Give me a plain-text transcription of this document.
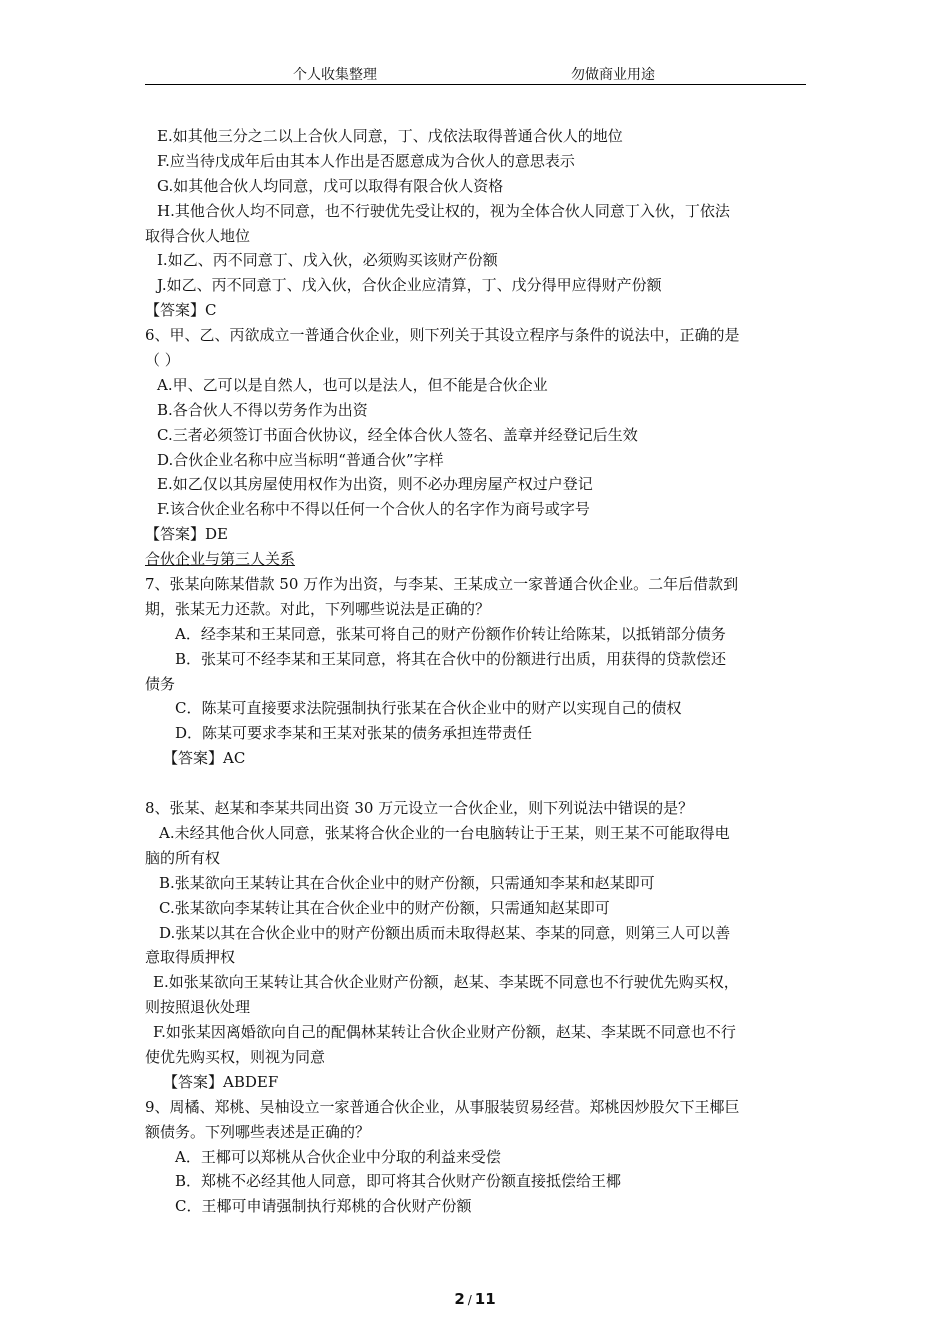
个人收集整理	勿做商业用途
E.如其他三分之二以上合伙人同意，丁、戊依法取得普通合伙人的地位
F.应当待戊成年后由其本人作出是否愿意成为合伙人的意思表示
G.如其他合伙人均同意，戊可以取得有限合伙人资格
H.其他合伙人均不同意，也不行驶优先受让权的，视为全体合伙人同意丁入伙，丁依法
取得合伙人地位
I.如乙、丙不同意丁、戊入伙，必须购买该财产份额
J.如乙、丙不同意丁、戊入伙，合伙企业应清算，丁、戊分得甲应得财产份额
【答案】C
6、甲、乙、丙欲成立一普通合伙企业，则下列关于其设立程序与条件的说法中，正确的是
（ ）
A.甲、乙可以是自然人，也可以是法人，但不能是合伙企业
B.各合伙人不得以劳务作为出资
C.三者必须签订书面合伙协议，经全体合伙人签名、盖章并经登记后生效
D.合伙企业名称中应当标明“普通合伙”字样
E.如乙仅以其房屋使用权作为出资，则不必办理房屋产权过户登记
F.该合伙企业名称中不得以任何一个合伙人的名字作为商号或字号
【答案】DE
合伙企业与第三人关系
7、张某向陈某借款 50 万作为出资，与李某、王某成立一家普通合伙企业。二年后借款到
期，张某无力还款。对此，下列哪些说法是正确的？
A．经李某和王某同意，张某可将自己的财产份额作价转让给陈某，以抵销部分债务
B．张某可不经李某和王某同意，将其在合伙中的份额进行出质，用获得的贷款偿还
债务
C．陈某可直接要求法院强制执行张某在合伙企业中的财产以实现自己的债权
D．陈某可要求李某和王某对张某的债务承担连带责任
【答案】AC
8、张某、赵某和李某共同出资 30 万元设立一合伙企业，则下列说法中错误的是？
A.未经其他合伙人同意，张某将合伙企业的一台电脑转让于王某，则王某不可能取得电
脑的所有权
B.张某欲向王某转让其在合伙企业中的财产份额，只需通知李某和赵某即可
C.张某欲向李某转让其在合伙企业中的财产份额，只需通知赵某即可
D.张某以其在合伙企业中的财产份额出质而未取得赵某、李某的同意，则第三人可以善
意取得质押权
E.如张某欲向王某转让其合伙企业财产份额，赵某、李某既不同意也不行驶优先购买权，
则按照退伙处理
F.如张某因离婚欲向自己的配偶林某转让合伙企业财产份额，赵某、李某既不同意也不行
使优先购买权，则视为同意
【答案】ABDEF
9、周橘、郑桃、吴柚设立一家普通合伙企业，从事服装贸易经营。郑桃因炒股欠下王椰巨
额债务。下列哪些表述是正确的？
A．王椰可以郑桃从合伙企业中分取的利益来受偿
B．郑桃不必经其他人同意，即可将其合伙财产份额直接抵偿给王椰
C．王椰可申请强制执行郑桃的合伙财产份额
2 / 11
